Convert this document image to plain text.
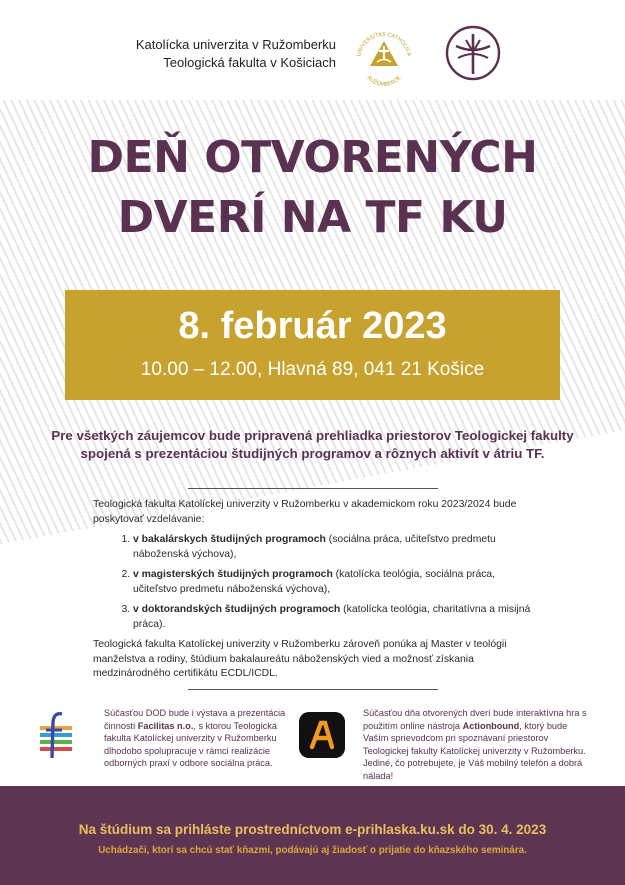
Katolícka univerzita v Ružomberku
Teologická fakulta v Košiciach
UNIVERSITAS CATHOLICA
RUŽOMBEROK
DEŇ OTVORENÝCH
DVERÍ NA TF KU
8. február 2023
10.00 – 12.00, Hlavná 89, 041 21 Košice
Pre všetkých záujemcov bude pripravená prehliadka priestorov Teologickej fakulty
spojená s prezentáciou študijných programov a rôznych aktivít v átriu TF.

Teologická fakulta Katolíckej univerzity v Ružomberku v akademickom roku 2023/2024 bude poskytovať vzdelávanie:

1. v bakalárskych študijných programoch (sociálna práca, učiteľstvo predmetu náboženská výchova),
2. v magisterských študijných programoch (katolícka teológia, sociálna práca, učiteľstvo predmetu náboženská výchova),
3. v doktorandských študijných programoch (katolícka teológia, charitatívna a misijná práca).

Teologická fakulta Katolíckej univerzity v Ružomberku zároveň ponúka aj Master v teológii manželstva a rodiny, štúdium bakalaureátu náboženských vied a možnosť získania medzinárodného certifikátu ECDL/ICDL.

Súčasťou DOD bude i výstava a prezentácia činnosti Facilitas n.o., s ktorou Teologická fakulta Katolíckej univerzity v Ružomberku dlhodobo spolupracuje v rámci realizácie odborných praxí v odbore sociálna práca.
Súčasťou dňa otvorených dverí bude interaktívna hra s použitím online nástroja Actionbound, ktorý bude Vaším sprievodcom pri spoznávaní priestorov Teologickej fakulty Katolíckej univerzity v Ružomberku. Jediné, čo potrebujete, je Váš mobilný telefón a dobrá nálada!
Na štúdium sa prihláste prostredníctvom e-prihlaska.ku.sk do 30. 4. 2023
Uchádzači, ktorí sa chcú stať kňazmi, podávajú aj žiadosť o prijatie do kňazského seminára.
